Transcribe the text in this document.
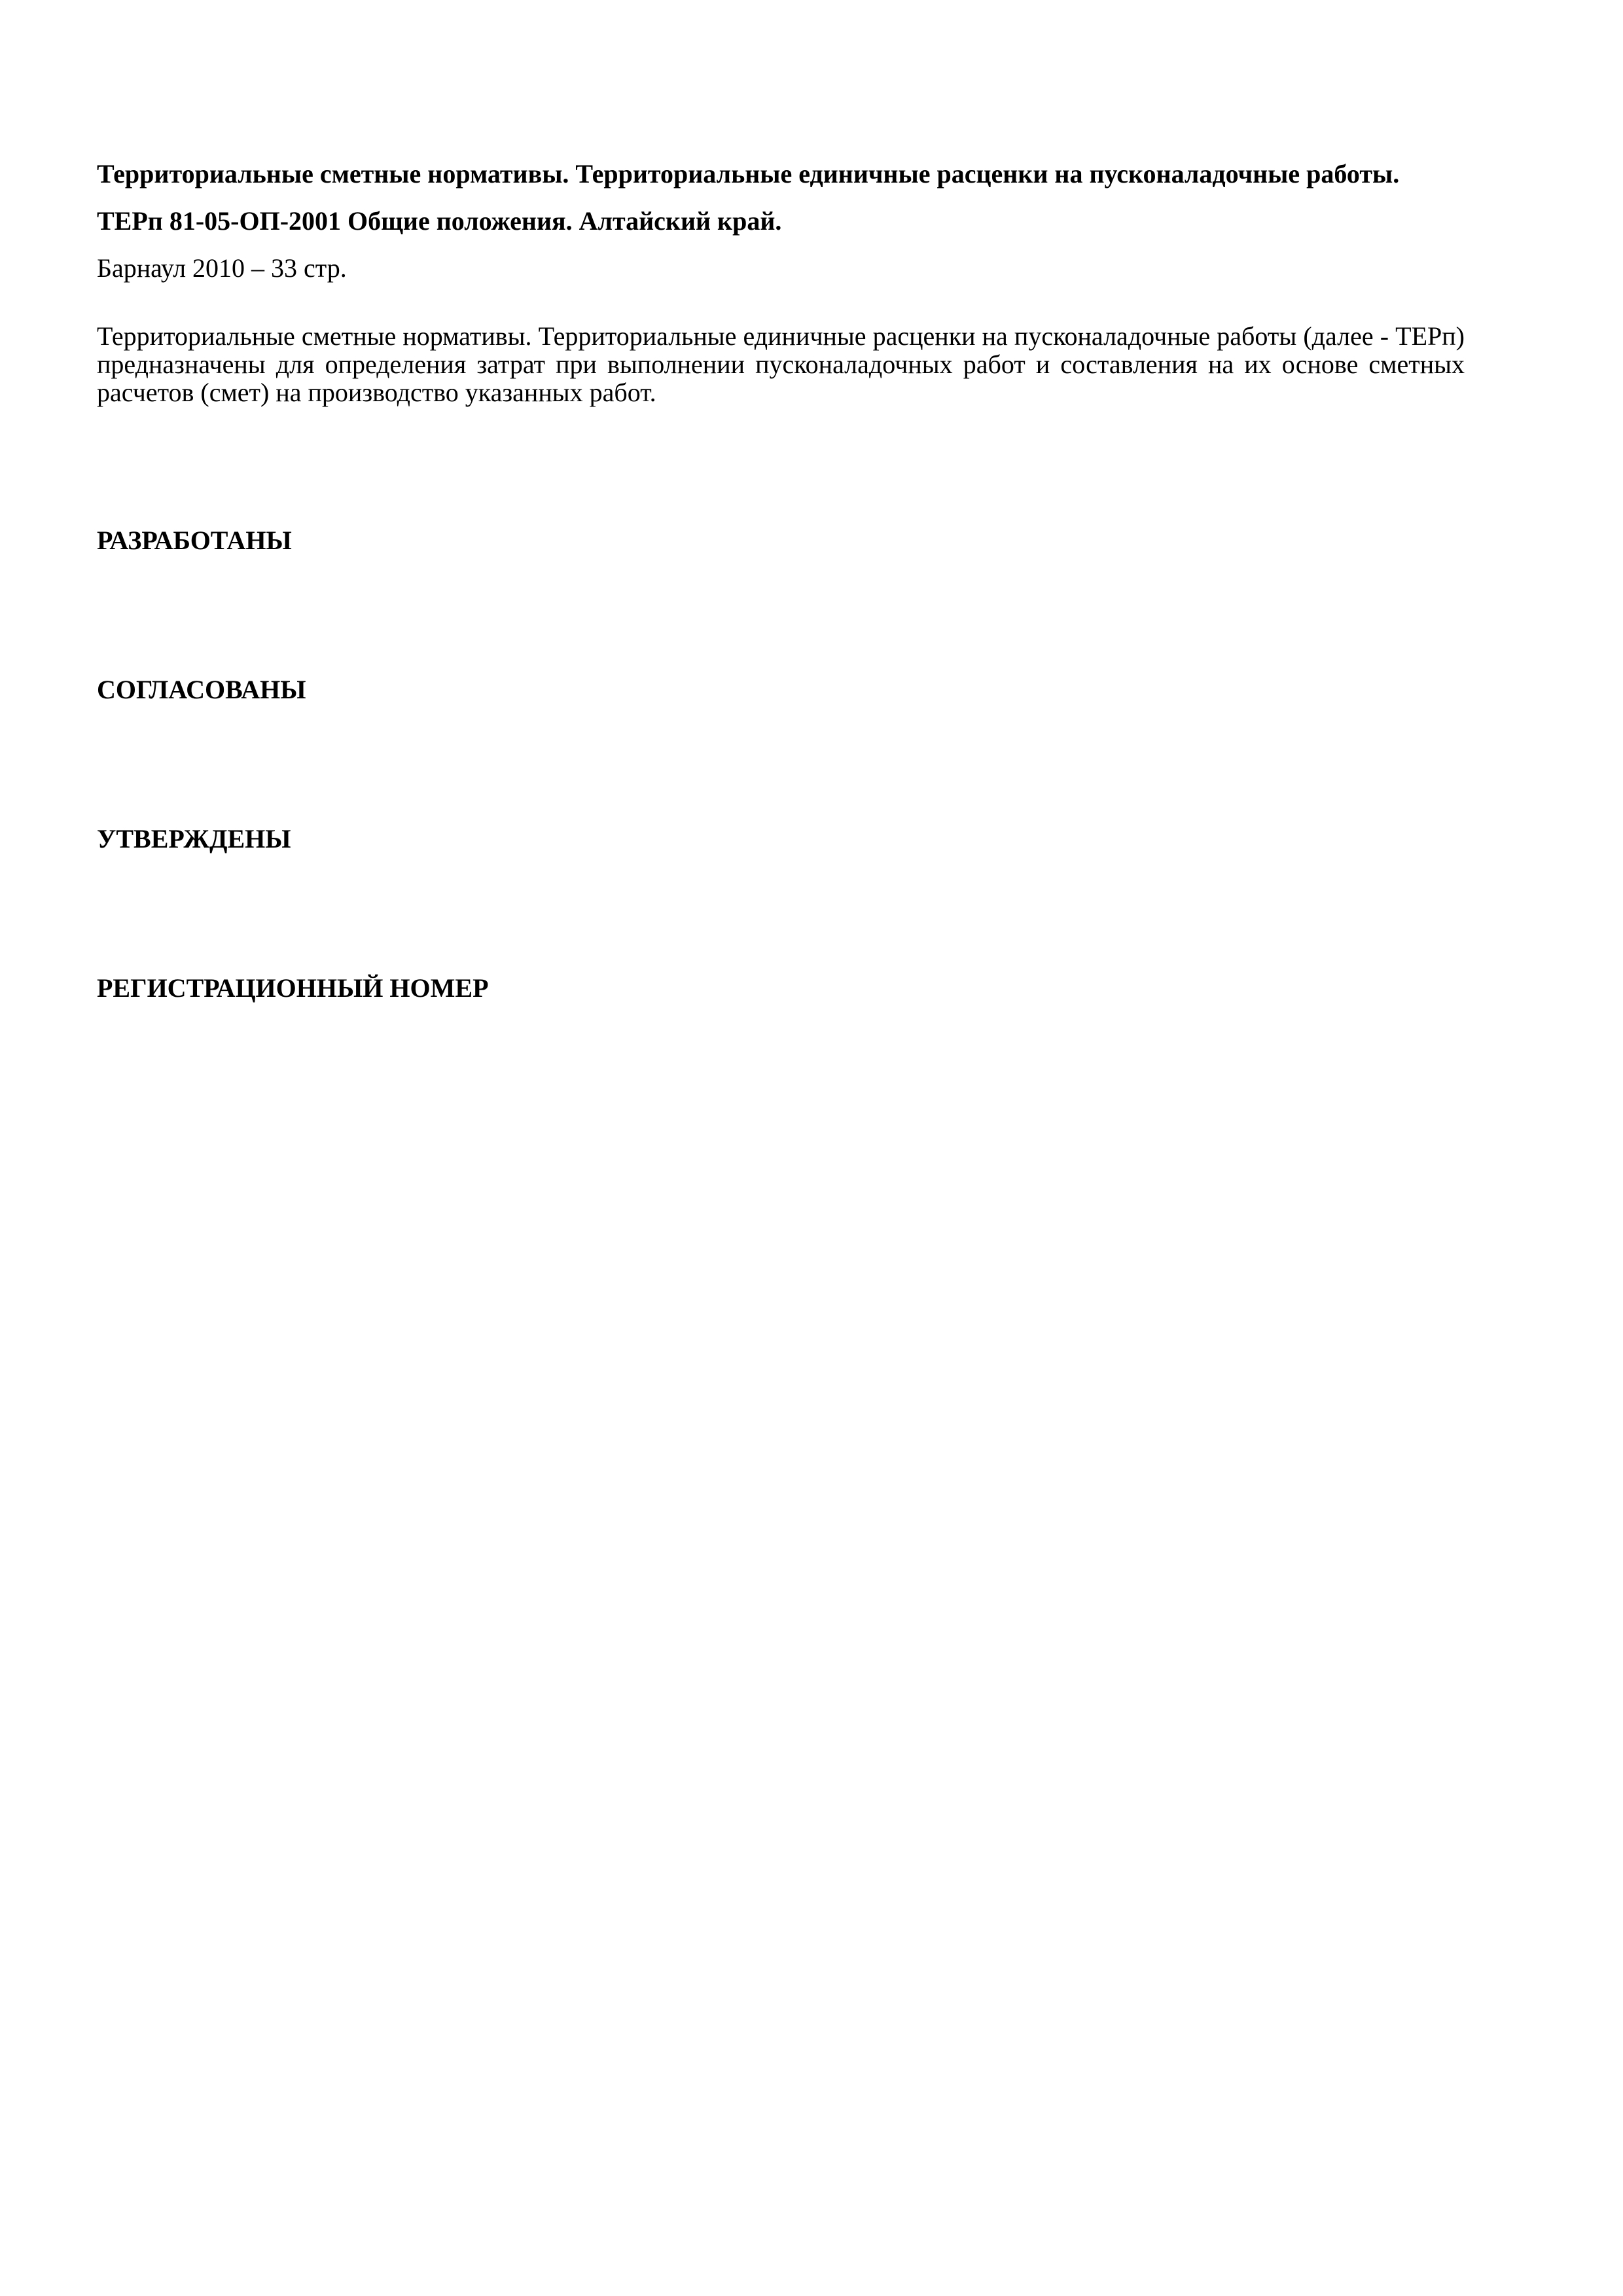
Территориальные сметные нормативы. Территориальные единичные расценки на пусконаладочные работы.
ТЕРп 81-05-ОП-2001 Общие положения. Алтайский край.
Барнаул 2010 – 33 стр.
Территориальные сметные нормативы. Территориальные единичные расценки на пусконаладочные работы (далее - ТЕРп) предназначены для определения затрат при выполнении пусконаладочных работ и составления на их основе сметных расчетов (смет) на производство указанных работ.
РАЗРАБОТАНЫ
СОГЛАСОВАНЫ
УТВЕРЖДЕНЫ
РЕГИСТРАЦИОННЫЙ НОМЕР
